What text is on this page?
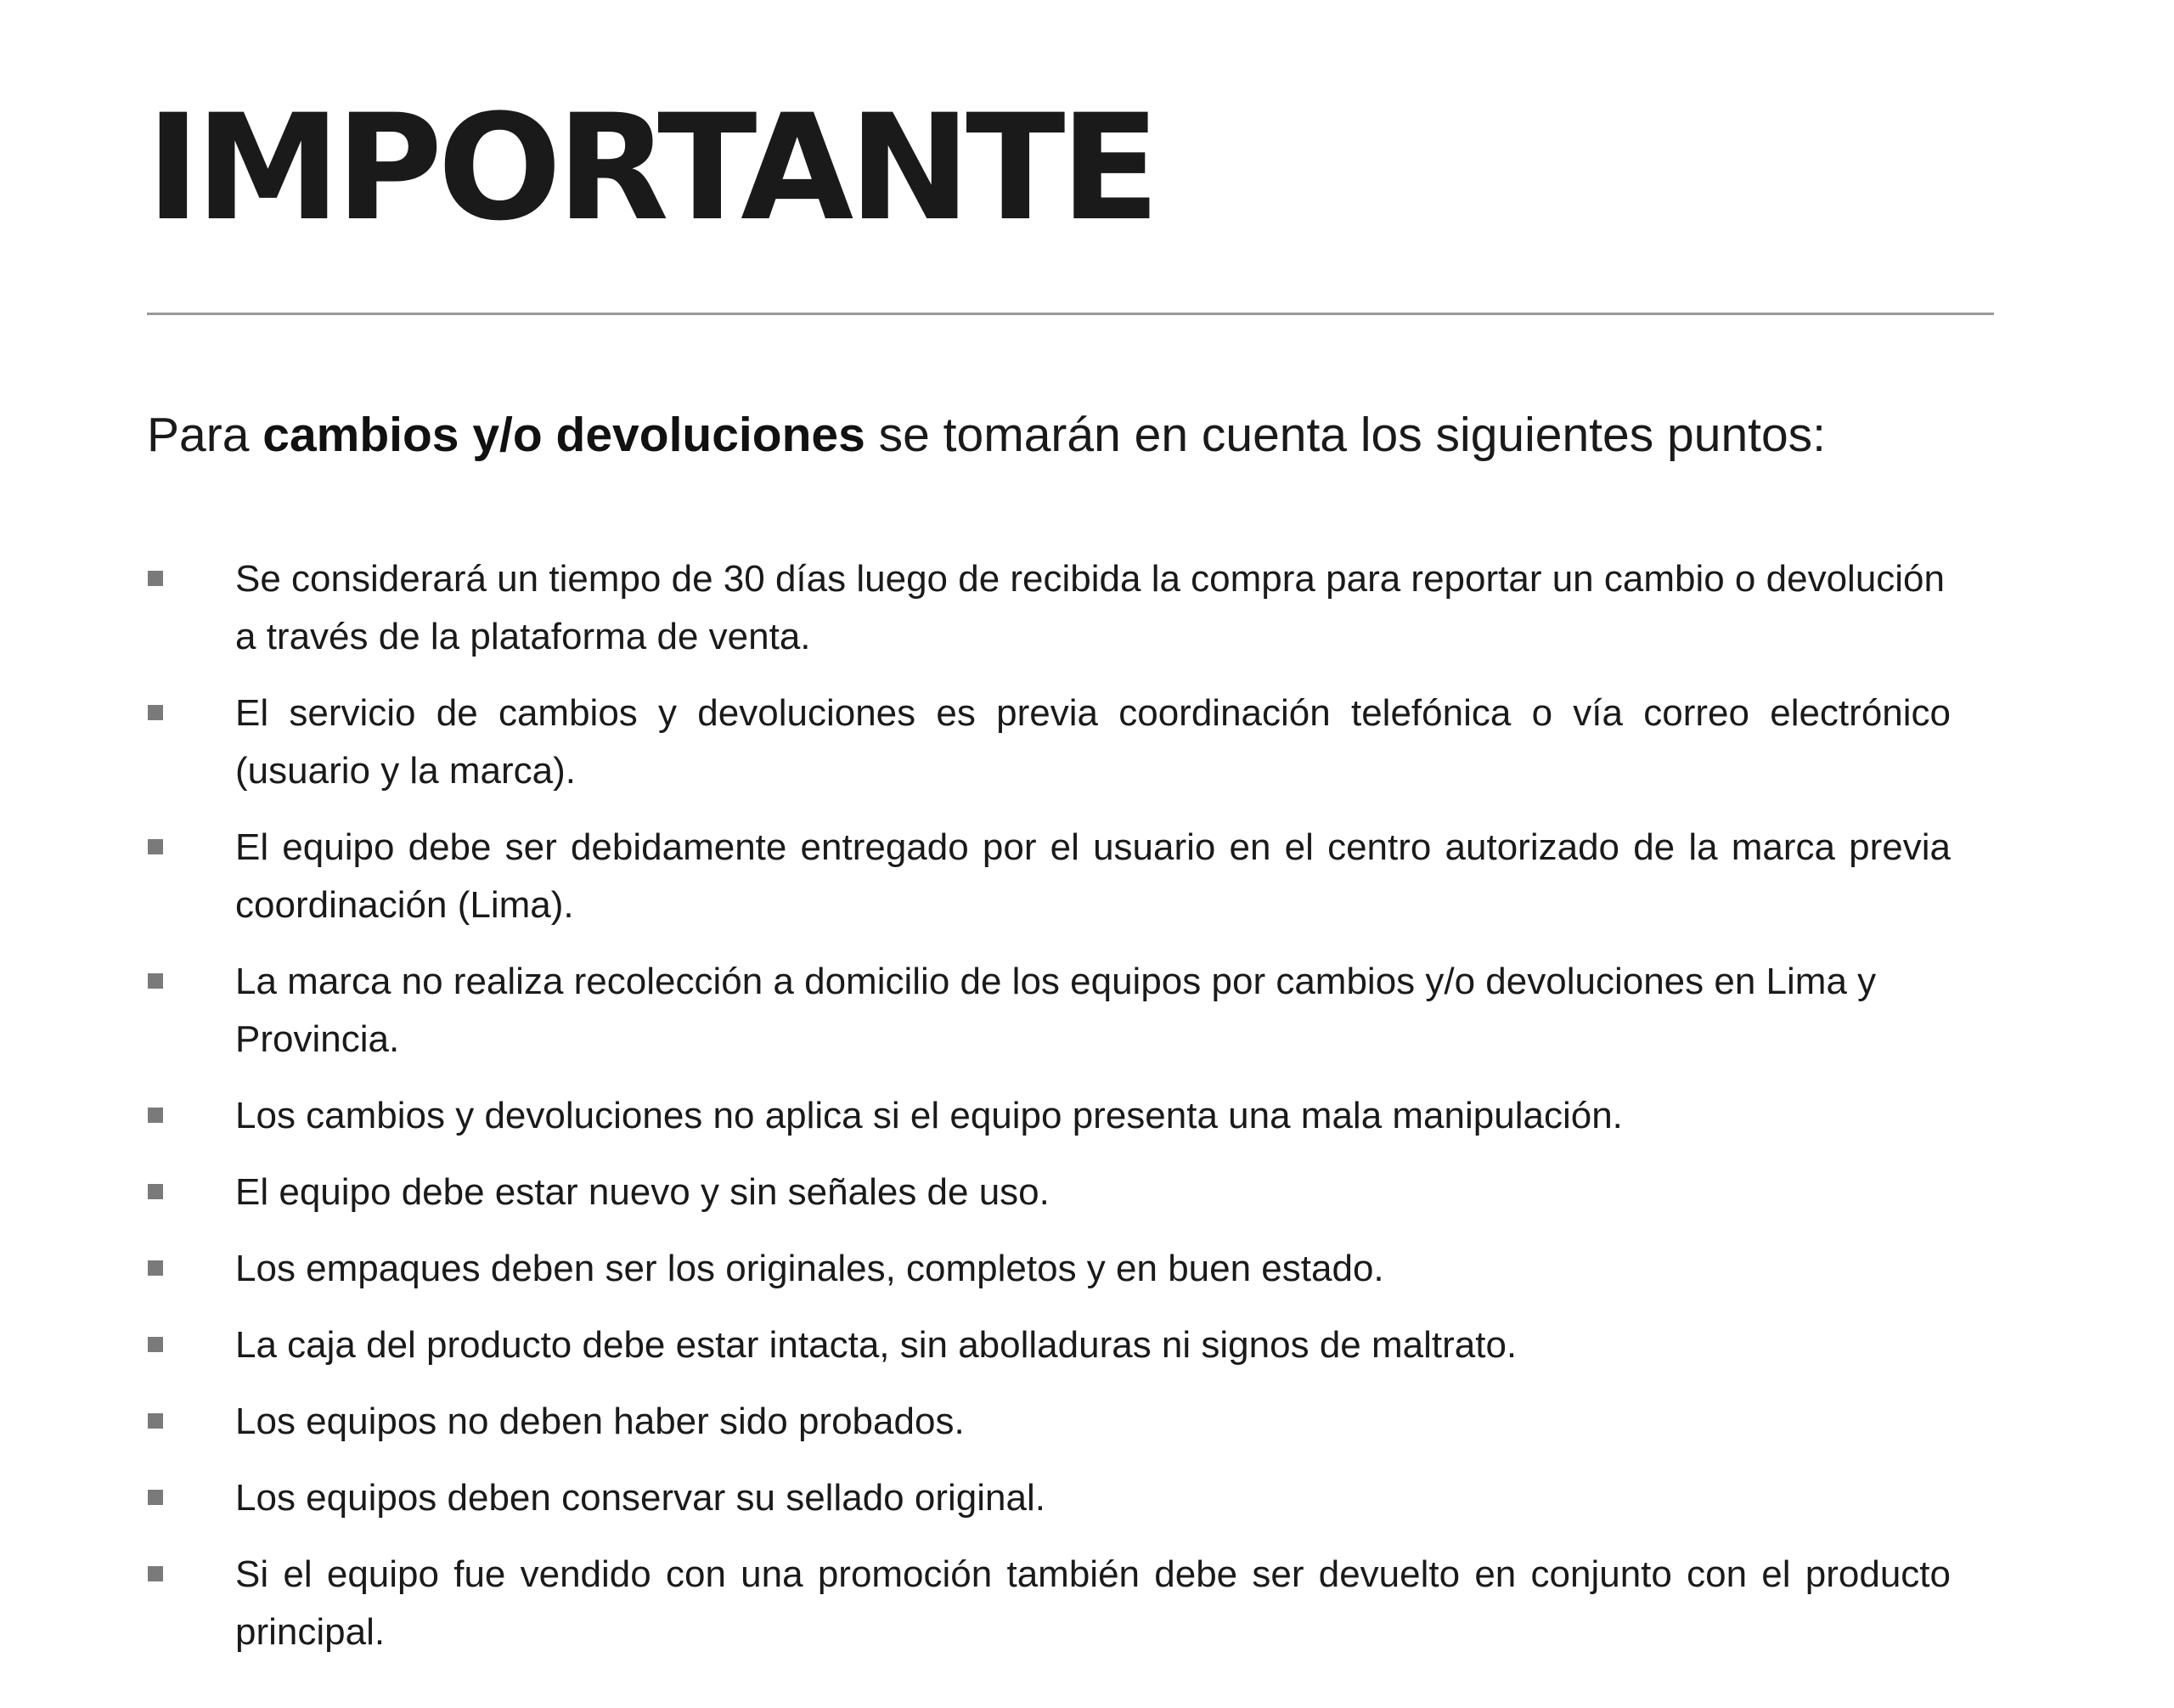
IMPORTANTE

Para cambios y/o devoluciones se tomarán en cuenta los siguientes puntos:

Se considerará un tiempo de 30 días luego de recibida la compra para reportar un cambio o devolución a través de la plataforma de venta.

El servicio de cambios y devoluciones es previa coordinación telefónica o vía correo electrónico (usuario y la marca).

El equipo debe ser debidamente entregado por el usuario en el centro autorizado de la marca previa coordinación (Lima).

La marca no realiza recolección a domicilio de los equipos por cambios y/o devoluciones en Lima y Provincia.

Los cambios y devoluciones no aplica si el equipo presenta una mala manipulación.

El equipo debe estar nuevo y sin señales de uso.

Los empaques deben ser los originales, completos y en buen estado.

La caja del producto debe estar intacta, sin abolladuras ni signos de maltrato.

Los equipos no deben haber sido probados.

Los equipos deben conservar su sellado original.

Si el equipo fue vendido con una promoción también debe ser devuelto en conjunto con el producto principal.
